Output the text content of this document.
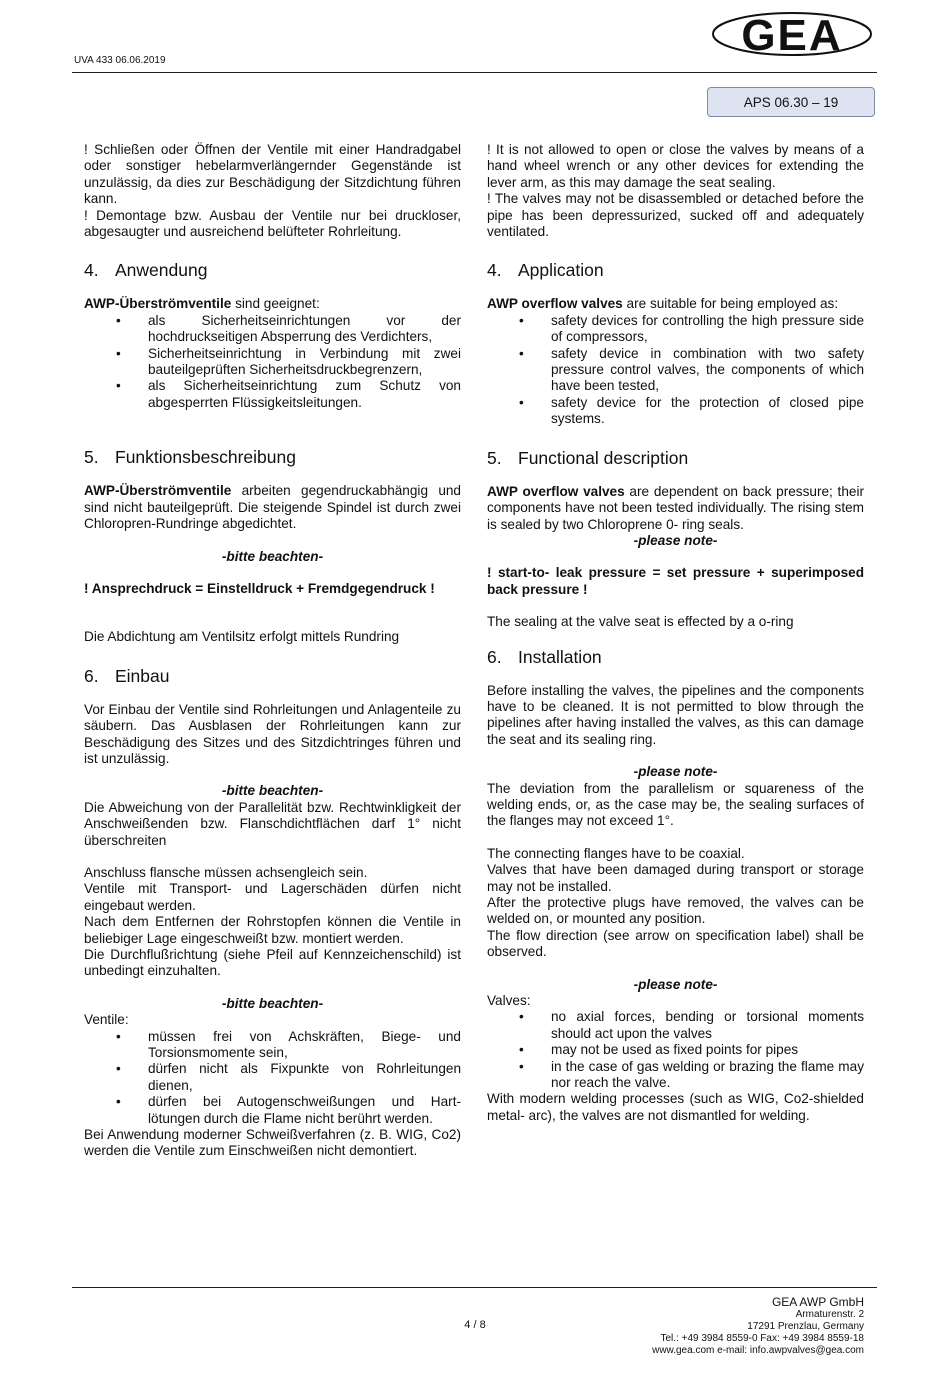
UVA 433 06.06.2019
GEA
APS 06.30 – 19

! Schließen oder Öffnen der Ventile mit einer Handradgabel oder sonstiger hebelarmverlängernder Gegenstände ist unzulässig, da dies zur Beschädigung der Sitzdichtung führen kann.

! Demontage bzw. Ausbau der Ventile nur bei druckloser, abgesaugter und ausreichend belüfteter Rohrleitung.

4. Anwendung

AWP-Überströmventile sind geeignet:

• als Sicherheitseinrichtungen vor der hochdruckseitigen Absperrung des Verdichters,
• Sicherheitseinrichtung in Verbindung mit zwei bauteilgeprüften Sicherheitsdruckbegrenzern,
• als Sicherheitseinrichtung zum Schutz von abgesperrten Flüssigkeitsleitungen.
5. Funktionsbeschreibung

AWP-Überströmventile arbeiten gegendruckabhängig und sind nicht bauteilgeprüft. Die steigende Spindel ist durch zwei Chloropren-Rundringe abgedichtet.

-bitte beachten-

! Ansprechdruck = Einstelldruck + Fremdgegendruck !

Die Abdichtung am Ventilsitz erfolgt mittels Rundring

6. Einbau

Vor Einbau der Ventile sind Rohrleitungen und Anlagenteile zu säubern. Das Ausblasen der Rohrleitungen kann zur Beschädigung des Sitzes und des Sitzdichtringes führen und ist unzulässig.

-bitte beachten-

Die Abweichung von der Parallelität bzw. Rechtwinkligkeit der Anschweißenden bzw. Flanschdichtflächen darf 1° nicht überschreiten

Anschluss flansche müssen achsengleich sein.

Ventile mit Transport- und Lagerschäden dürfen nicht eingebaut werden.

Nach dem Entfernen der Rohrstopfen können die Ventile in beliebiger Lage eingeschweißt bzw. montiert werden.

Die Durchflußrichtung (siehe Pfeil auf Kennzeichenschild) ist unbedingt einzuhalten.

-bitte beachten-

Ventile:

• müssen frei von Achskräften, Biege- und Torsionsmomente sein,
• dürfen nicht als Fixpunkte von Rohrleitungen dienen,
• dürfen bei Autogenschweißungen und Hart-lötungen durch die Flame nicht berührt werden.

Bei Anwendung moderner Schweißverfahren (z. B. WIG, Co2) werden die Ventile zum Einschweißen nicht demontiert.

! It is not allowed to open or close the valves by means of a hand wheel wrench or any other devices for extending the lever arm, as this may damage the seat sealing.

! The valves may not be disassembled or detached before the pipe has been depressurized, sucked off and adequately ventilated.

4. Application

AWP overflow valves are suitable for being employed as:

• safety devices for controlling the high pressure side of compressors,
• safety device in combination with two safety pressure control valves, the components of which have been tested,
• safety device for the protection of closed pipe systems.
5. Functional description

AWP overflow valves are dependent on back pressure; their components have not been tested individually. The rising stem is sealed by two Chloroprene 0- ring seals.

-please note-

! start-to- leak pressure = set pressure + superimposed back pressure !

The sealing at the valve seat is effected by a o-ring

6. Installation

Before installing the valves, the pipelines and the components have to be cleaned. It is not permitted to blow through the pipelines after having installed the valves, as this can damage the seat and its sealing ring.

-please note-

The deviation from the parallelism or squareness of the welding ends, or, as the case may be, the sealing surfaces of the flanges may not exceed 1°.

The connecting flanges have to be coaxial.

Valves that have been damaged during transport or storage may not be installed.

After the protective plugs have removed, the valves can be welded on, or mounted any position.

The flow direction (see arrow on specification label) shall be observed.

-please note-

Valves:

• no axial forces, bending or torsional moments should act upon the valves
• may not be used as fixed points for pipes
• in the case of gas welding or brazing the flame may nor reach the valve.

With modern welding processes (such as WIG, Co2-shielded metal- arc), the valves are not dismantled for welding.

4 / 8
GEA AWP GmbH
Armaturenstr. 2
17291 Prenzlau, Germany
Tel.: +49 3984 8559-0 Fax: +49 3984 8559-18
www.gea.com e-mail: info.awpvalves@gea.com
